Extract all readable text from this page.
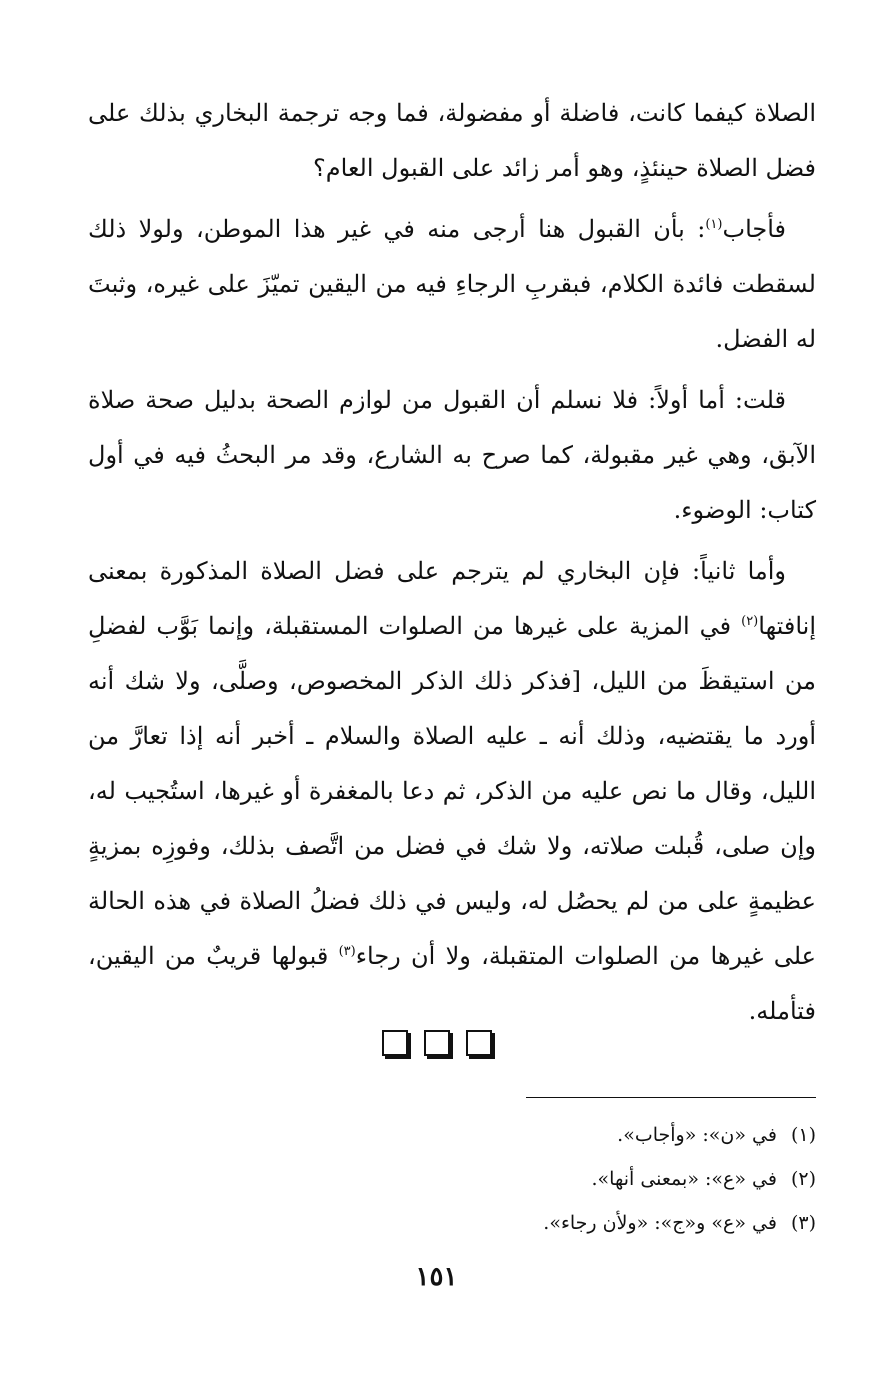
الصلاة كيفما كانت، فاضلة أو مفضولة، فما وجه ترجمة البخاري بذلك على فضل الصلاة حينئذٍ، وهو أمر زائد على القبول العام؟

فأجاب$^{(١)}$: بأن القبول هنا أرجى منه في غير هذا الموطن، ولولا ذلك لسقطت فائدة الكلام، فبقربِ الرجاءِ فيه من اليقين تميّزَ على غيره، وثبتَ له الفضل.

قلت: أما أولاً: فلا نسلم أن القبول من لوازم الصحة بدليل صحة صلاة الآبق، وهي غير مقبولة، كما صرح به الشارع، وقد مر البحثُ فيه في أول كتاب: الوضوء.

وأما ثانياً: فإن البخاري لم يترجم على فضل الصلاة المذكورة بمعنى إنافتها$^{(٢)}$ في المزية على غيرها من الصلوات المستقبلة، وإنما بَوَّب لفضلِ من استيقظَ من الليل، [فذكر ذلك الذكر المخصوص، وصلَّى، ولا شك أنه أورد ما يقتضيه، وذلك أنه ـ عليه الصلاة والسلام ـ أخبر أنه إذا تعارَّ من الليل، وقال ما نص عليه من الذكر، ثم دعا بالمغفرة أو غيرها، استُجيب له، وإن صلى، قُبلت صلاته، ولا شك في فضل من اتَّصف بذلك، وفوزِه بمزيةٍ عظيمةٍ على من لم يحصُل له، وليس في ذلك فضلُ الصلاة في هذه الحالة على غيرها من الصلوات المتقبلة، ولا أن رجاء$^{(٣)}$ قبولها قريبٌ من اليقين، فتأمله.

(١)في «ن»: «وأجاب».

(٢)في «ع»: «بمعنى أنها».

(٣)في «ع» و«ج»: «ولأن رجاء».

١٥١
